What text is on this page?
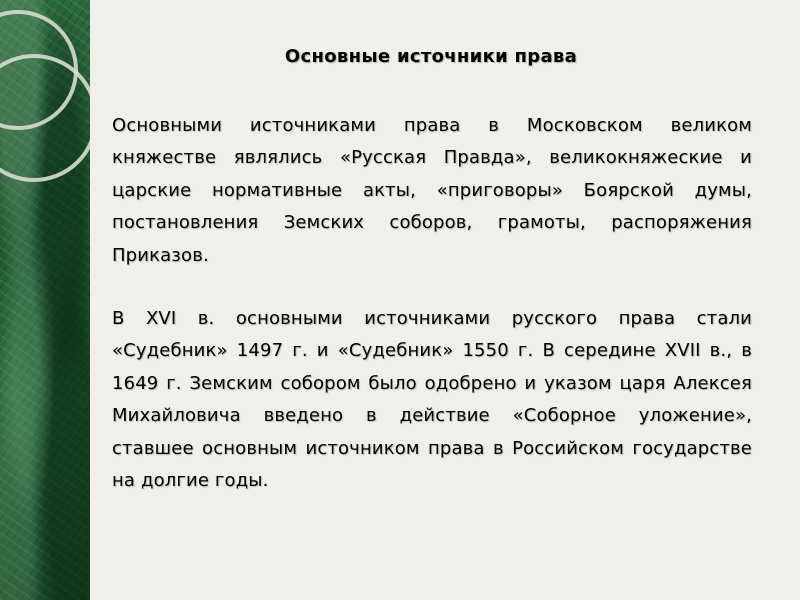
Основные источники права

Основными источниками права в Московском великом княжестве являлись «Русская Правда», великокняжеские и царские нормативные акты, «приговоры» Боярской думы, постановления Земских соборов, грамоты, распоряжения Приказов.

В XVI в. основными источниками русского права стали «Судебник» 1497 г. и «Судебник» 1550 г. В середине XVII в., в 1649 г. Земским собором было одобрено и указом царя Алексея Михайловича введено в действие «Соборное уложение», ставшее основным источником права в Российском государстве на долгие годы.
